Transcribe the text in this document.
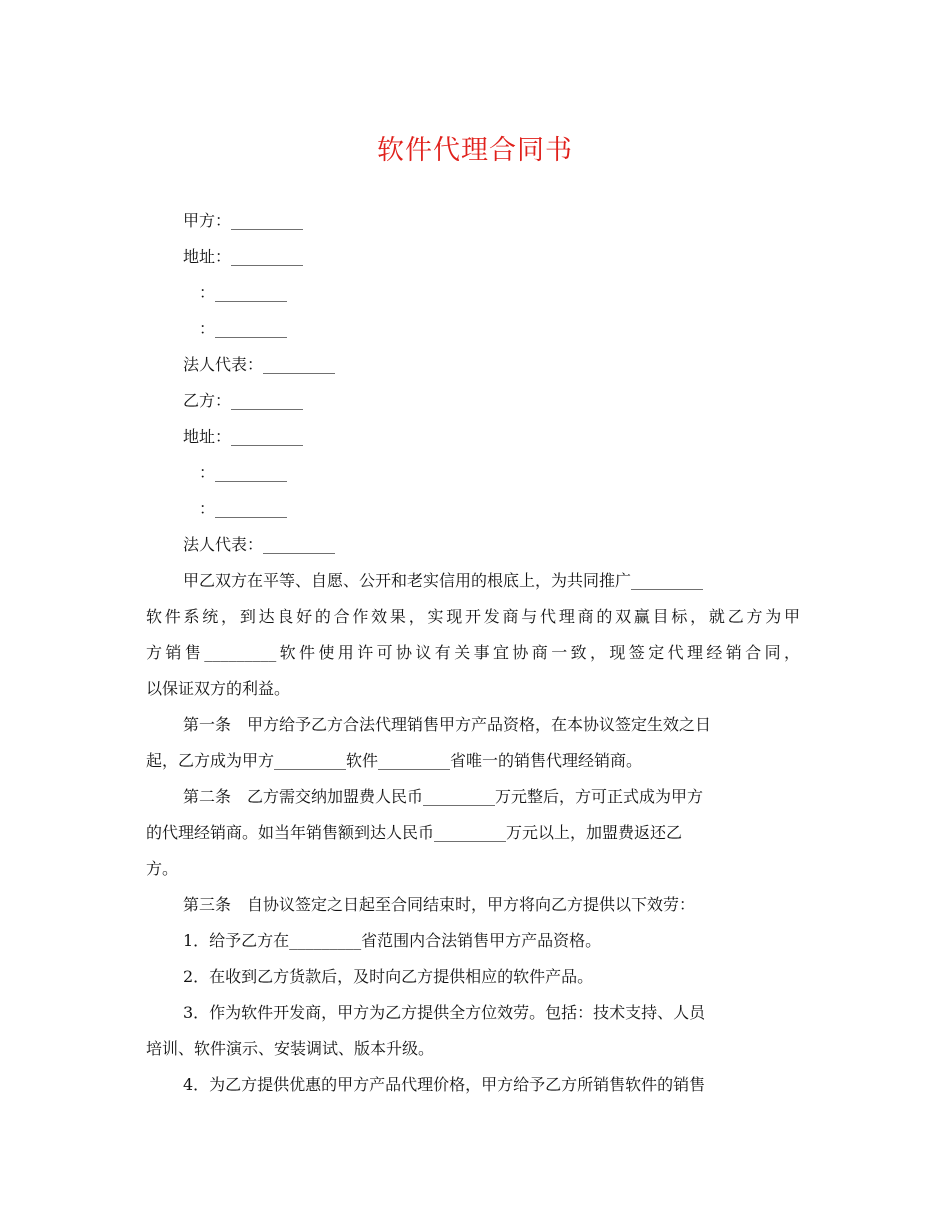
软件代理合同书
甲方：_________
地址：_________
：_________
：_________
法人代表：_________
乙方：_________
地址：_________
：_________
：_________
法人代表：_________
甲乙双方在平等、自愿、公开和老实信用的根底上，为共同推广_________
软件系统，到达良好的合作效果，实现开发商与代理商的双赢目标，就乙方为甲
方销售_________软件使用许可协议有关事宜协商一致，现签定代理经销合同，
以保证双方的利益。
第一条　甲方给予乙方合法代理销售甲方产品资格，在本协议签定生效之日
起，乙方成为甲方_________软件_________省唯一的销售代理经销商。
第二条　乙方需交纳加盟费人民币_________万元整后，方可正式成为甲方
的代理经销商。如当年销售额到达人民币_________万元以上，加盟费返还乙
方。
第三条　自协议签定之日起至合同结束时，甲方将向乙方提供以下效劳：
1．给予乙方在_________省范围内合法销售甲方产品资格。
2．在收到乙方货款后，及时向乙方提供相应的软件产品。
3．作为软件开发商，甲方为乙方提供全方位效劳。包括：技术支持、人员
培训、软件演示、安装调试、版本升级。
4．为乙方提供优惠的甲方产品代理价格，甲方给予乙方所销售软件的销售
